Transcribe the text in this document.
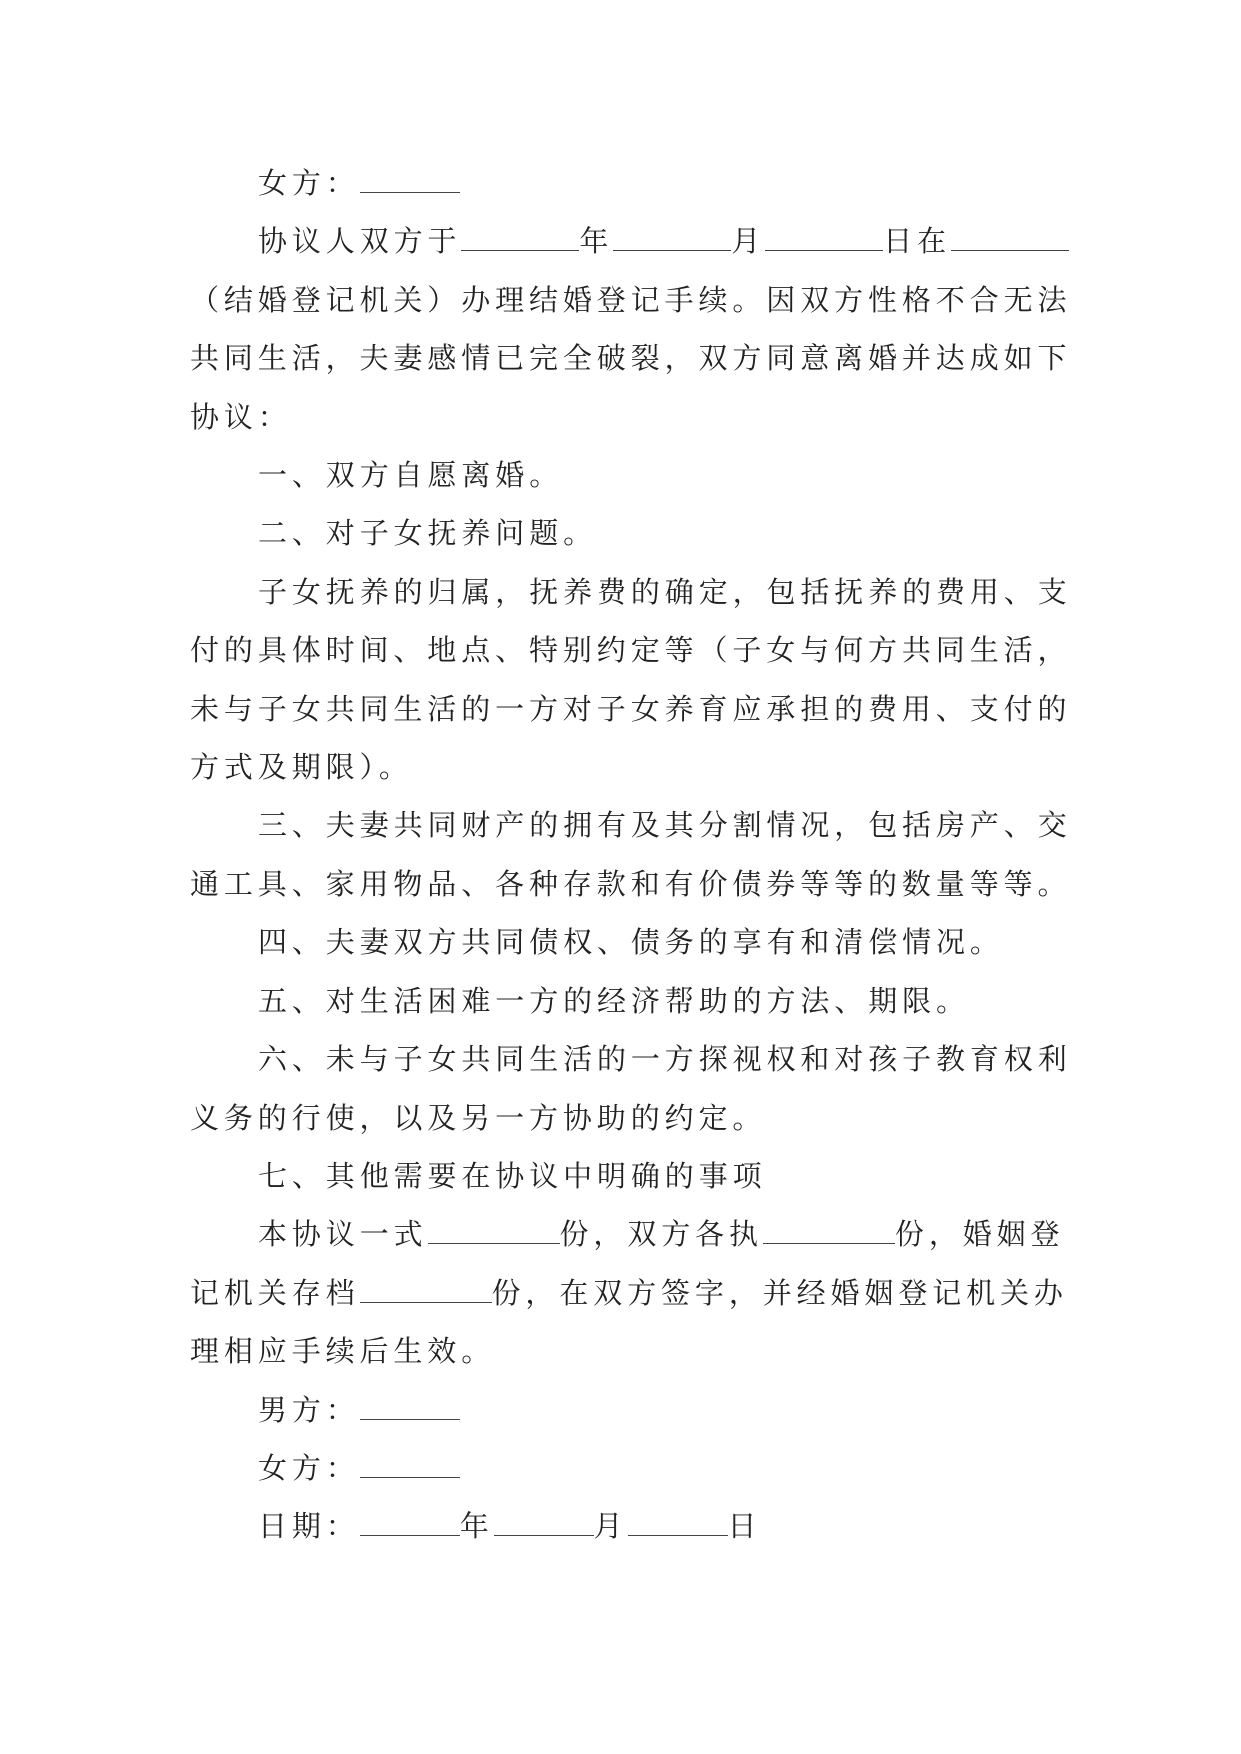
女方：

协议人双方于	年	月	日在

（结婚登记机关）办理结婚登记手续。因双方性格不合无法

共同生活，夫妻感情已完全破裂，双方同意离婚并达成如下

协议：

一、双方自愿离婚。

二、对子女抚养问题。

子女抚养的归属，抚养费的确定，包括抚养的费用、支

付的具体时间、地点、特别约定等（子女与何方共同生活，

未与子女共同生活的一方对子女养育应承担的费用、支付的

方式及期限）。

三、夫妻共同财产的拥有及其分割情况，包括房产、交

通工具、家用物品、各种存款和有价债券等等的数量等等。

四、夫妻双方共同债权、债务的享有和清偿情况。

五、对生活困难一方的经济帮助的方法、期限。

六、未与子女共同生活的一方探视权和对孩子教育权利

义务的行使，以及另一方协助的约定。

七、其他需要在协议中明确的事项

本协议一式	份，双方各执	份，婚姻登

记机关存档	份，在双方签字，并经婚姻登记机关办

理相应手续后生效。

男方：

女方：

日期：	年	月	日
